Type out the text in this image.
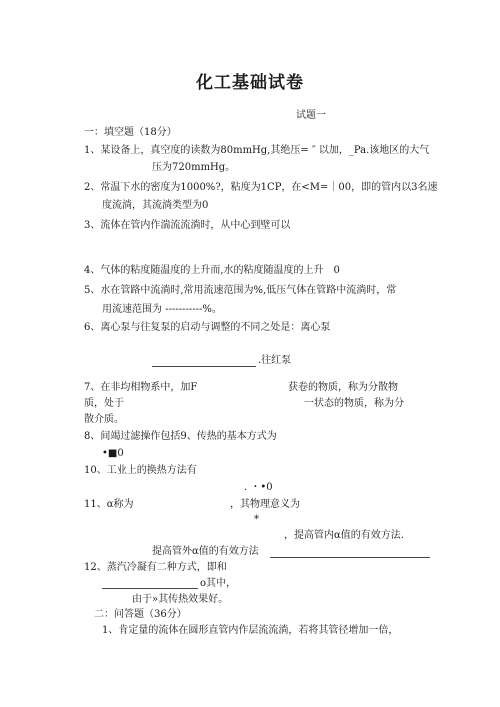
化工基础试卷
试题一
一：填空题（18分）
1、某设备上，真空度的读数为80mmHg,其绝压= ″ 以加，_Pa.该地区的大气
压为720mmHg。
2、常温下水的密度为1000%?，粘度为1CP，在<M=｜00，即的管内以3名速
度流淌，其流淌类型为0
3、流体在管内作湍流流淌时，从中心到壁可以
4、气体的粘度随温度的上升而,水的粘度随温度的上升　0
5、水在管路中流淌时,常用流速范围为%,低压气体在管路中流淌时，常
用流速范围为 -----------%。
6、离心泵与往复泵的启动与调整的不同之处是：离心泵
.往红泵
7、在非均相物系中，加F	获卷的物质，称为分散物
质，处于	一状态的物质，称为分
散介质。
8、间竭过滤操作包括9、传热的基本方式为
•■0
10、工业上的换热方法有
. ・•0
11、α称为	，其物理意义为
*
，提高管内α值的有效方法.
提高管外α值的有效方法
12、蒸汽冷凝有二种方式，即和
o其中，
由于»其传热效果好。
二：问答题（36分）
1、肯定量的流体在圆形直管内作层流流淌，若将其管径增加一倍，
